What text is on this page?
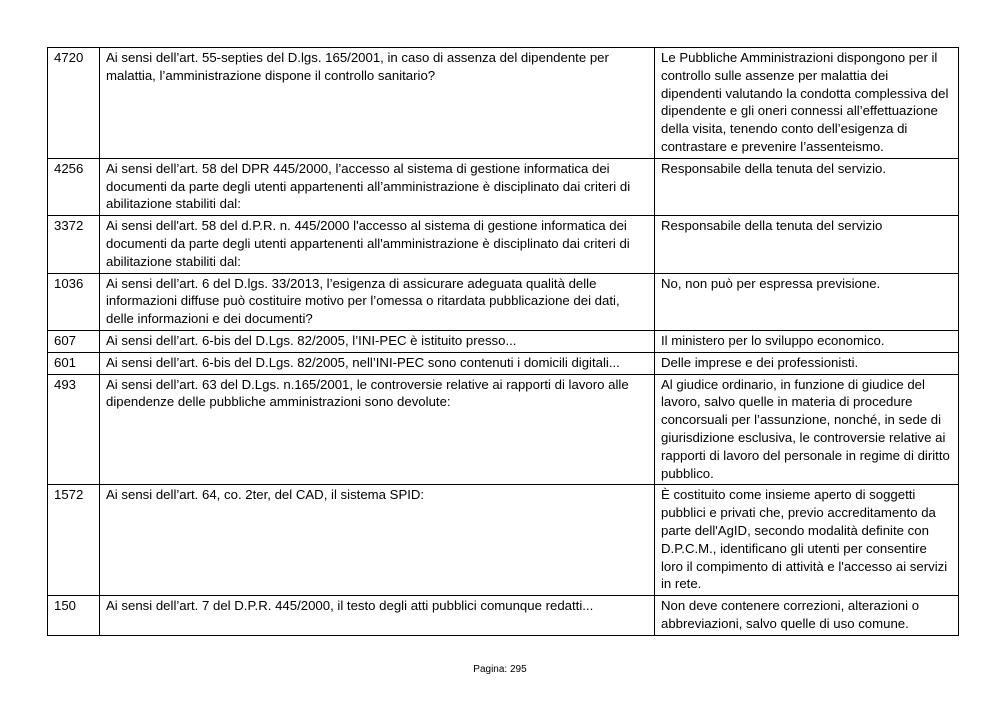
4720	Ai sensi dell’art. 55-septies del D.lgs. 165/2001, in caso di assenza del dipendente per malattia, l’amministrazione dispone il controllo sanitario?	Le Pubbliche Amministrazioni dispongono per il controllo sulle assenze per malattia dei dipendenti valutando la condotta complessiva del dipendente e gli oneri connessi all’effettuazione della visita, tenendo conto dell’esigenza di contrastare e prevenire l’assenteismo.
4256	Ai sensi dell’art. 58 del DPR 445/2000, l’accesso al sistema di gestione informatica dei documenti da parte degli utenti appartenenti all’amministrazione è disciplinato dai criteri di abilitazione stabiliti dal:	Responsabile della tenuta del servizio.
3372	Ai sensi dell'art. 58 del d.P.R. n. 445/2000 l'accesso al sistema di gestione informatica dei documenti da parte degli utenti appartenenti all'amministrazione è disciplinato dai criteri di abilitazione stabiliti dal:	Responsabile della tenuta del servizio
1036	Ai sensi dell’art. 6 del D.lgs. 33/2013, l’esigenza di assicurare adeguata qualità delle informazioni diffuse può costituire motivo per l’omessa o ritardata pubblicazione dei dati, delle informazioni e dei documenti?	No, non può per espressa previsione.
607	Ai sensi dell’art. 6-bis del D.Lgs. 82/2005, l’INI-PEC è istituito presso...	Il ministero per lo sviluppo economico.
601	Ai sensi dell’art. 6-bis del D.Lgs. 82/2005, nell’INI-PEC sono contenuti i domicili digitali...	Delle imprese e dei professionisti.
493	Ai sensi dell’art. 63 del D.Lgs. n.165/2001, le controversie relative ai rapporti di lavoro alle dipendenze delle pubbliche amministrazioni sono devolute:	Al giudice ordinario, in funzione di giudice del lavoro, salvo quelle in materia di procedure concorsuali per l’assunzione, nonché, in sede di giurisdizione esclusiva, le controversie relative ai rapporti di lavoro del personale in regime di diritto pubblico.
1572	Ai sensi dell’art. 64, co. 2ter, del CAD, il sistema SPID:	È costituito come insieme aperto di soggetti pubblici e privati che, previo accreditamento da parte dell'AgID, secondo modalità definite con D.P.C.M., identificano gli utenti per consentire loro il compimento di attività e l'accesso ai servizi in rete.
150	Ai sensi dell’art. 7 del D.P.R. 445/2000, il testo degli atti pubblici comunque redatti...	Non deve contenere correzioni, alterazioni o abbreviazioni, salvo quelle di uso comune.
Pagina: 295
